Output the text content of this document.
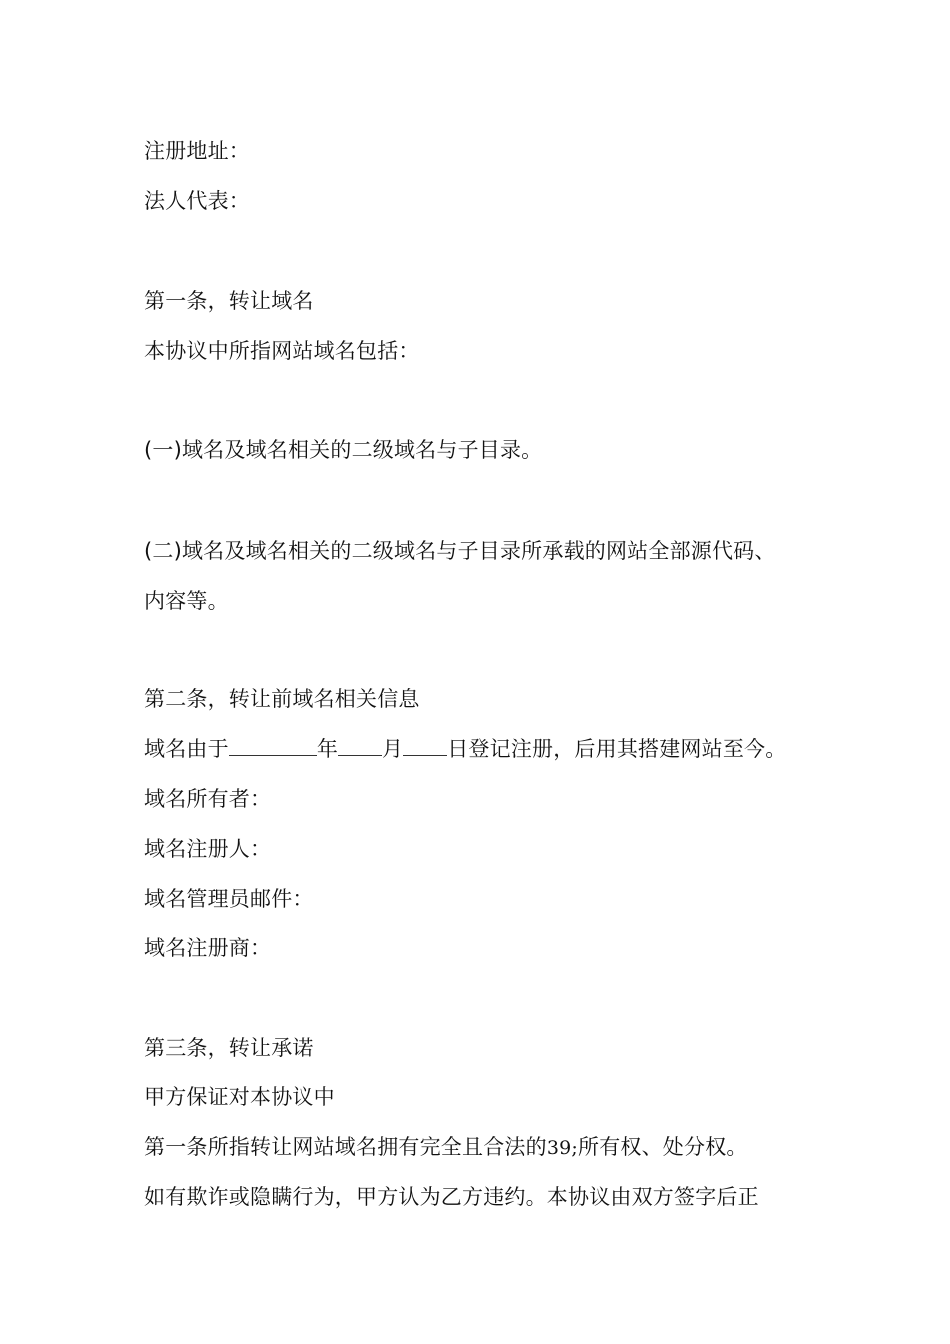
注册地址：
法人代表：
第一条，转让域名
本协议中所指网站域名包括：
(一)域名及域名相关的二级域名与子目录。
(二)域名及域名相关的二级域名与子目录所承载的网站全部源代码、
内容等。
第二条，转让前域名相关信息
域名由于	年 月 日登记注册，后用其搭建网站至今。
域名所有者：
域名注册人：
域名管理员邮件：
域名注册商：
第三条，转让承诺
甲方保证对本协议中
第一条所指转让网站域名拥有完全且合法的39;所有权、处分权。
如有欺诈或隐瞒行为，甲方认为乙方违约。本协议由双方签字后正
